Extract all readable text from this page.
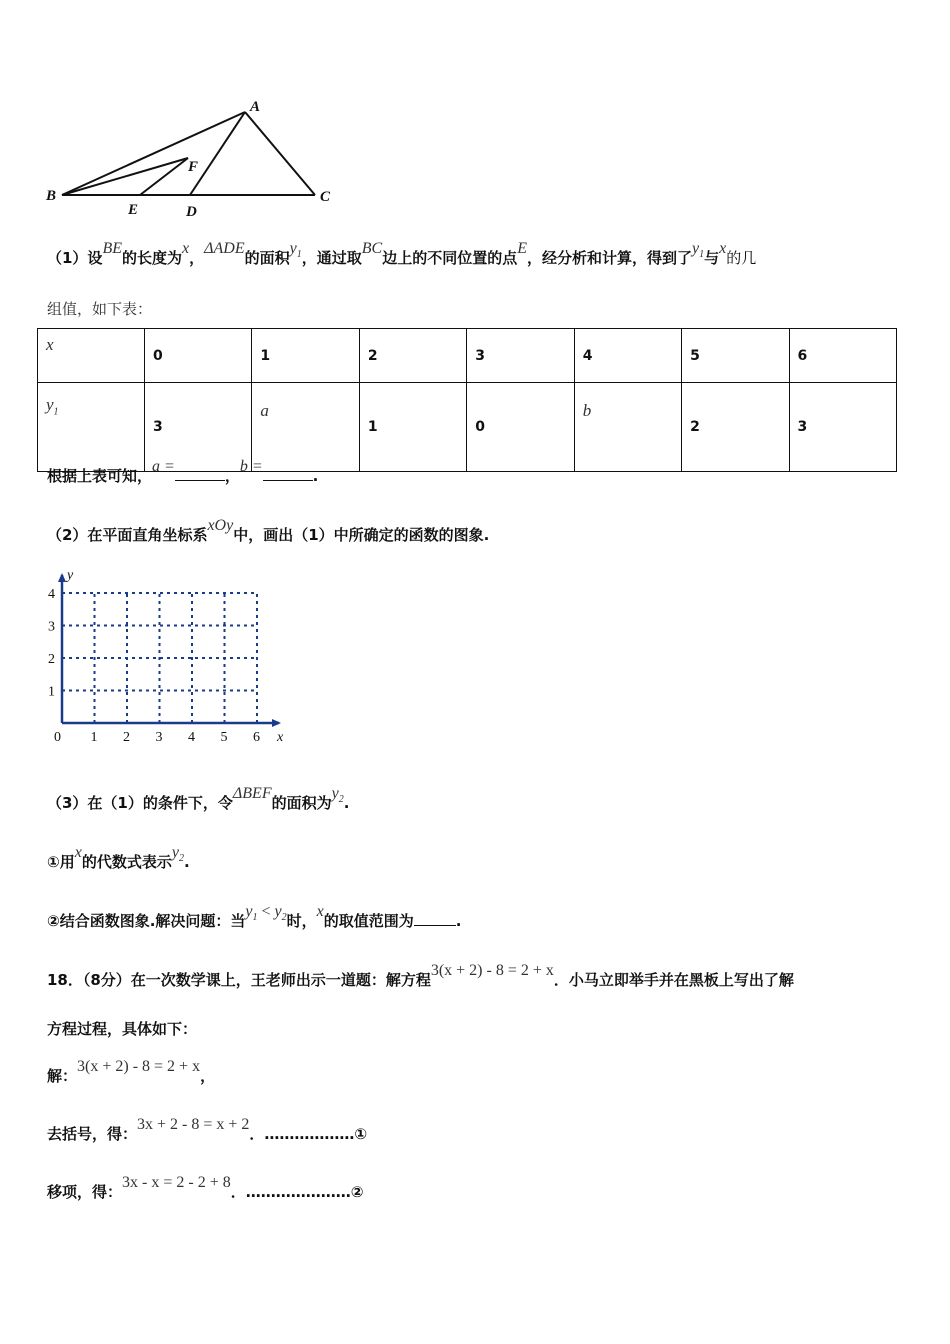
A
B	C
D
E
F
（1）设BE的长度为x，ΔADE的面积$y_1$，通过取BC边上的不同位置的点E，经分析和计算，得到了$y_1$与x的几
组值，如下表：
x	0	1	2	3	4	5	6
$y_1$	3	a	1	0	b	2	3
根据上表可知，a =，b =.
（2）在平面直角坐标系xOy中，画出（1）中所确定的函数的图象.
0 1 2 3 4 5 6
1
2
3
4
x
y
（3）在（1）的条件下，令ΔBEF的面积为$y_2$.
①用x的代数式表示$y_2$.
②结合函数图象.解决问题：当$y_1 < y_2$时，x的取值范围为	.
18．（8分）在一次数学课上，王老师出示一道题：解方程3(x + 2) - 8 = 2 + x．小马立即举手并在黑板上写出了解
方程过程，具体如下：
解：3(x + 2) - 8 = 2 + x，
去括号，得：3x + 2 - 8 = x + 2．………………①
移项，得：3x - x = 2 - 2 + 8．…………………②
